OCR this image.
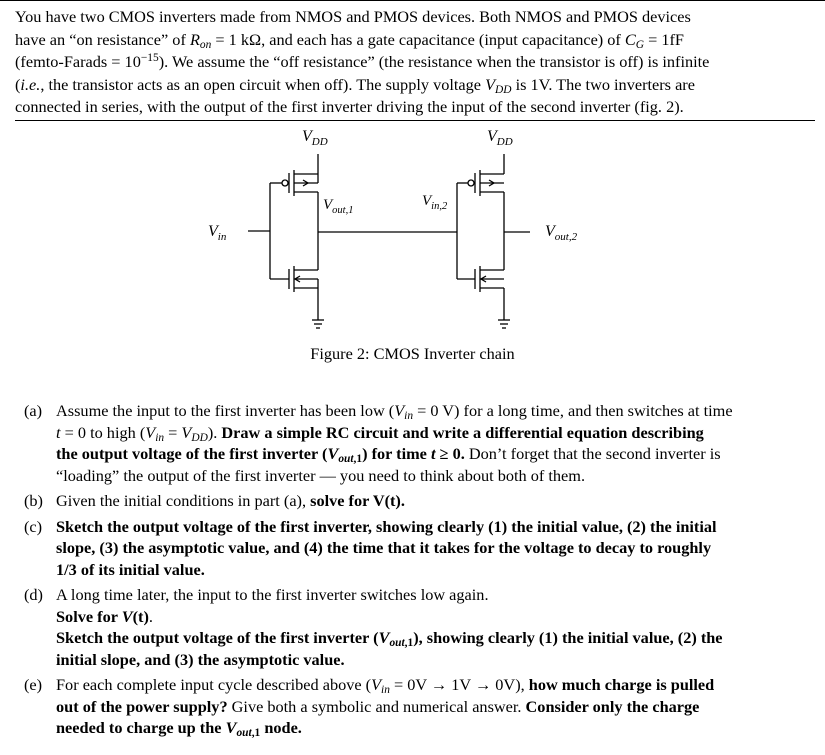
You have two CMOS inverters made from NMOS and PMOS devices. Both NMOS and PMOS devices
have an “on resistance” of $R_{on} = 1$ kΩ, and each has a gate capacitance (input capacitance) of $C_G = 1fF$
(femto-Farads = $10^{-15}$). We assume the “off resistance” (the resistance when the transistor is off) is infinite
(i.e., the transistor acts as an open circuit when off). The supply voltage $V_{DD}$ is 1V. The two inverters are
connected in series, with the output of the first inverter driving the input of the second inverter (fig. 2).
$V_{DD}$	$V_{DD}$
$V_{in}$
$V_{out,1}$
$V_{in,2}$
$V_{out,2}$
Figure 2: CMOS Inverter chain
(a) Assume the input to the first inverter has been low ($V_{in} = 0$ V) for a long time, and then switches at time
t = 0 to high $(V_{in} = V_{DD})$. Draw a simple RC circuit and write a differential equation describing
the output voltage of the first inverter $(V_{out,1})$ for time t ≥ 0. Don’t forget that the second inverter is
“loading” the output of the first inverter — you need to think about both of them.
(b) Given the initial conditions in part (a), solve for V(t).
(c) Sketch the output voltage of the first inverter, showing clearly (1) the initial value, (2) the initial
slope, (3) the asymptotic value, and (4) the time that it takes for the voltage to decay to roughly
1/3 of its initial value.
(d) A long time later, the input to the first inverter switches low again.
Solve for V(t).
Sketch the output voltage of the first inverter $(V_{out,1})$, showing clearly (1) the initial value, (2) the
initial slope, and (3) the asymptotic value.
(e) For each complete input cycle described above $(V_{in} = 0V \to 1V \to 0V)$, how much charge is pulled
out of the power supply? Give both a symbolic and numerical answer. Consider only the charge
needed to charge up the $V_{out,1}$ node.
